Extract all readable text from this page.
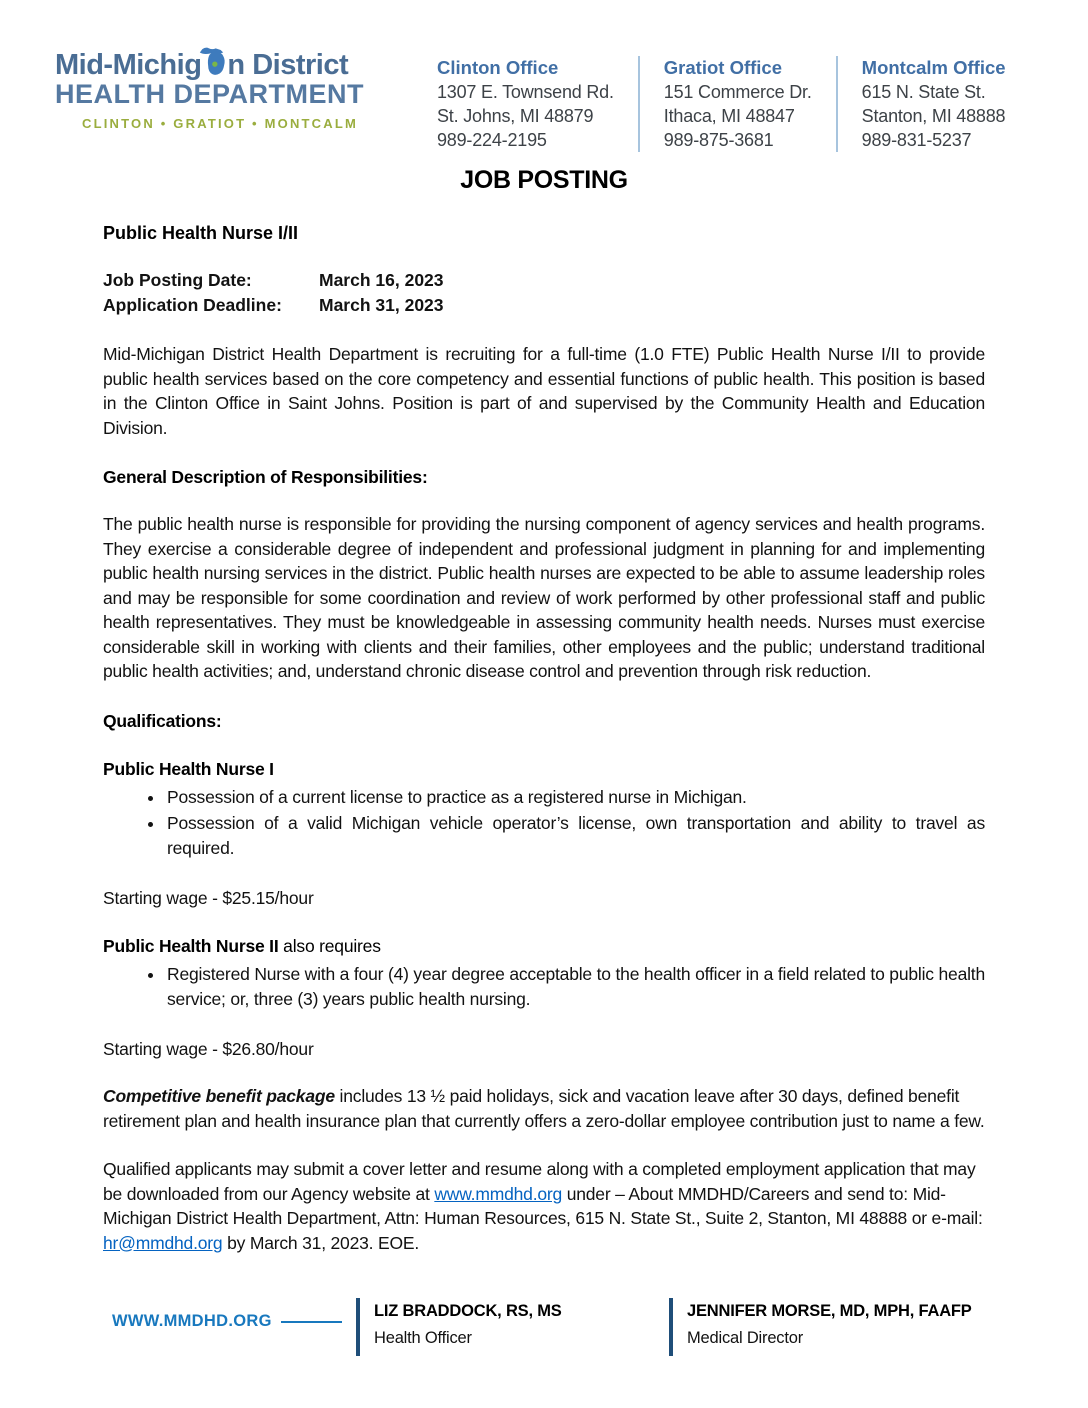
Mid-Michig n District
HEALTH DEPARTMENT
CLINTON • GRATIOT • MONTCALM
Clinton Office
1307 E. Townsend Rd.
St. Johns, MI 48879
989-224-2195
Gratiot Office
151 Commerce Dr.
Ithaca, MI 48847
989-875-3681
Montcalm Office
615 N. State St.
Stanton, MI 48888
989-831-5237
JOB POSTING
Public Health Nurse I/II
Job Posting Date:	March 16, 2023
Application Deadline:	March 31, 2023

Mid-Michigan District Health Department is recruiting for a full-time (1.0 FTE) Public Health Nurse I/II to provide public health services based on the core competency and essential functions of public health. This position is based in the Clinton Office in Saint Johns. Position is part of and supervised by the Community Health and Education Division.

General Description of Responsibilities:

The public health nurse is responsible for providing the nursing component of agency services and health programs. They exercise a considerable degree of independent and professional judgment in planning for and implementing public health nursing services in the district. Public health nurses are expected to be able to assume leadership roles and may be responsible for some coordination and review of work performed by other professional staff and public health representatives. They must be knowledgeable in assessing community health needs. Nurses must exercise considerable skill in working with clients and their families, other employees and the public; understand traditional public health activities; and, understand chronic disease control and prevention through risk reduction.

Qualifications:
Public Health Nurse I
• Possession of a current license to practice as a registered nurse in Michigan.
• Possession of a valid Michigan vehicle operator’s license, own transportation and ability to travel as required.

Starting wage - $25.15/hour

Public Health Nurse II also requires
• Registered Nurse with a four (4) year degree acceptable to the health officer in a field related to public health service; or, three (3) years public health nursing.

Starting wage - $26.80/hour

Competitive benefit package includes 13 ½ paid holidays, sick and vacation leave after 30 days, defined benefit retirement plan and health insurance plan that currently offers a zero-dollar employee contribution just to name a few.

Qualified applicants may submit a cover letter and resume along with a completed employment application that may be downloaded from our Agency website at www.mmdhd.org under – About MMDHD/Careers and send to: Mid-Michigan District Health Department, Attn: Human Resources, 615 N. State St., Suite 2, Stanton, MI 48888 or e-mail: hr@mmdhd.org by March 31, 2023. EOE.

WWW.MMDHD.ORG
LIZ BRADDOCK, RS, MS
Health Officer
JENNIFER MORSE, MD, MPH, FAAFP
Medical Director
